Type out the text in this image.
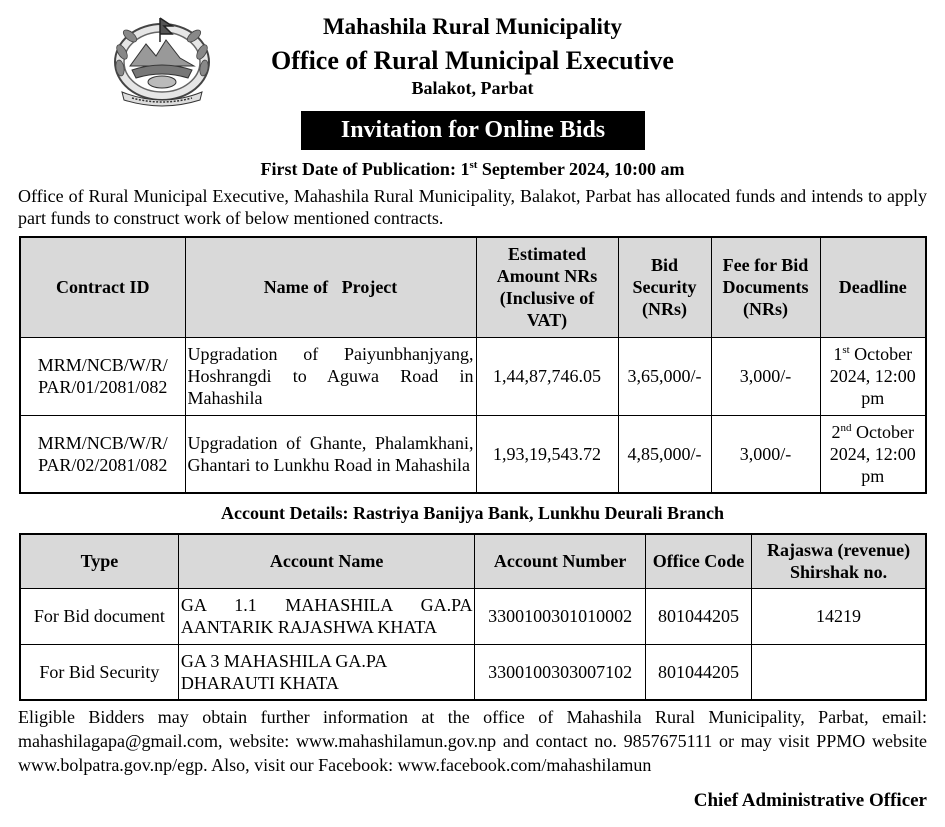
Mahashila Rural Municipality
Office of Rural Municipal Executive
Balakot, Parbat
Invitation for Online Bids
First Date of Publication: 1st September 2024, 10:00 am
Office of Rural Municipal Executive, Mahashila Rural Municipality, Balakot, Parbat has allocated funds and intends to apply part funds to construct work of below mentioned contracts.
Contract ID	Name of   Project	Estimated Amount NRs (Inclusive of VAT)	Bid Security (NRs)	Fee for Bid Documents (NRs)	Deadline
MRM/NCB/W/R/ PAR/01/2081/082	Upgradation of Paiyunbhanjyang, Hoshrangdi to Aguwa Road in Mahashila	1,44,87,746.05	3,65,000/-	3,000/-	1st October 2024, 12:00 pm
MRM/NCB/W/R/ PAR/02/2081/082	Upgradation of Ghante, Phalamkhani, Ghantari to Lunkhu Road in Mahashila	1,93,19,543.72	4,85,000/-	3,000/-	2nd October 2024, 12:00 pm
Account Details: Rastriya Banijya Bank, Lunkhu Deurali Branch
Type	Account Name	Account Number	Office Code	Rajaswa (revenue) Shirshak no.
For Bid document	GA 1.1 MAHASHILA GA.PA AANTARIK RAJASHWA KHATA	3300100301010002	801044205	14219
For Bid Security	GA 3 MAHASHILA GA.PA DHARAUTI KHATA	3300100303007102	801044205	
Eligible Bidders may obtain further information at the office of Mahashila Rural Municipality, Parbat, email: mahashilagapa@gmail.com, website: www.mahashilamun.gov.np and contact no. 9857675111 or may visit PPMO website www.bolpatra.gov.np/egp. Also, visit our Facebook: www.facebook.com/mahashilamun
Chief Administrative Officer
